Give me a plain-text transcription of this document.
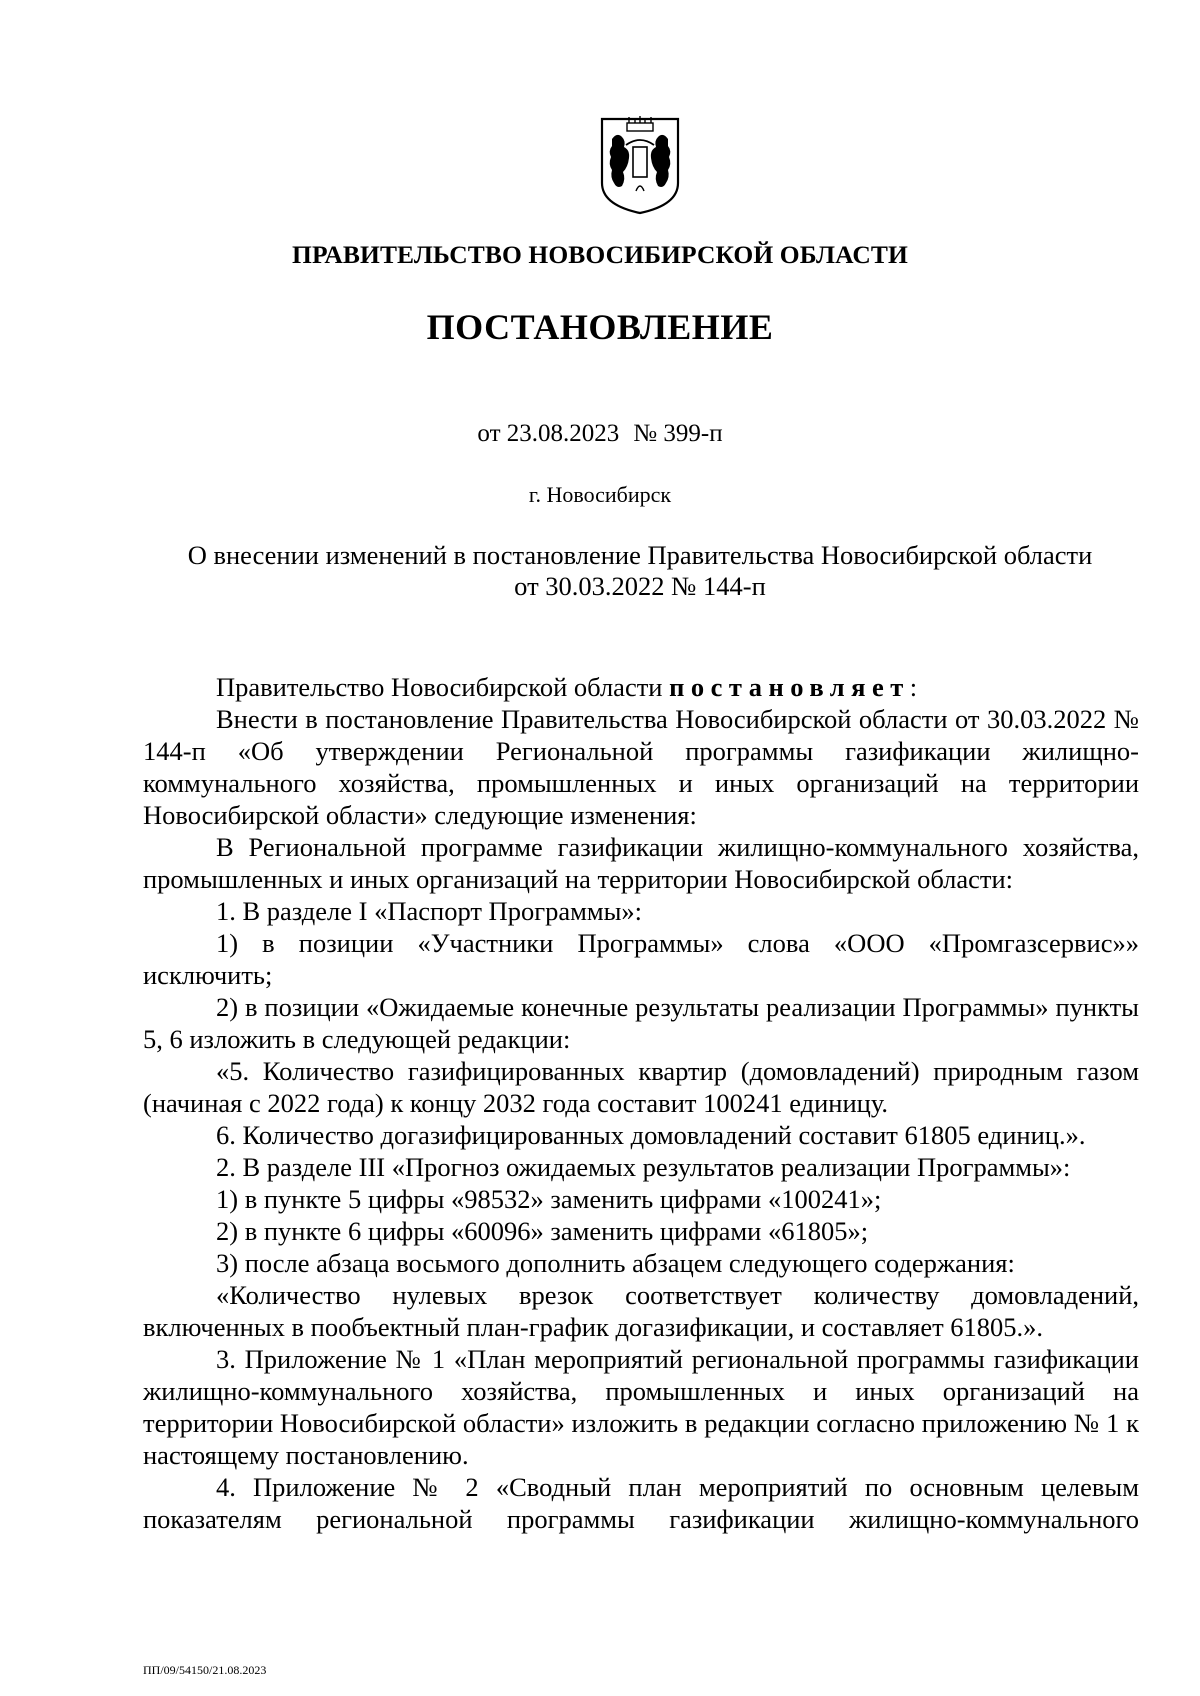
ПРАВИТЕЛЬСТВО НОВОСИБИРСКОЙ ОБЛАСТИ
ПОСТАНОВЛЕНИЕ
от 23.08.2023 № 399-п
г. Новосибирск
О внесении изменений в постановление Правительства Новосибирской области
от 30.03.2022 № 144-п

Правительство Новосибирской области постановляет:

Внести в постановление Правительства Новосибирской области от 30.03.2022 № 144-п «Об утверждении Региональной программы газификации жилищно-коммунального хозяйства, промышленных и иных организаций на территории Новосибирской области» следующие изменения:

В Региональной программе газификации жилищно-коммунального хозяйства, промышленных и иных организаций на территории Новосибирской области:

1. В разделе I «Паспорт Программы»:

1) в позиции «Участники Программы» слова «ООО «Промгазсервис»» исключить;

2) в позиции «Ожидаемые конечные результаты реализации Программы» пункты 5, 6 изложить в следующей редакции:

«5. Количество газифицированных квартир (домовладений) природным газом (начиная с 2022 года) к концу 2032 года составит 100241 единицу.

6. Количество догазифицированных домовладений составит 61805 единиц.».

2. В разделе III «Прогноз ожидаемых результатов реализации Программы»:

1) в пункте 5 цифры «98532» заменить цифрами «100241»;

2) в пункте 6 цифры «60096» заменить цифрами «61805»;

3) после абзаца восьмого дополнить абзацем следующего содержания:

«Количество нулевых врезок соответствует количеству домовладений, включенных в пообъектный план-график догазификации, и составляет 61805.».

3. Приложение № 1 «План мероприятий региональной программы газификации жилищно-коммунального хозяйства, промышленных и иных организаций на территории Новосибирской области» изложить в редакции согласно приложению № 1 к настоящему постановлению.

4. Приложение № 2 «Сводный план мероприятий по основным целевым показателям региональной программы газификации жилищно-коммунального

ПП/09/54150/21.08.2023
